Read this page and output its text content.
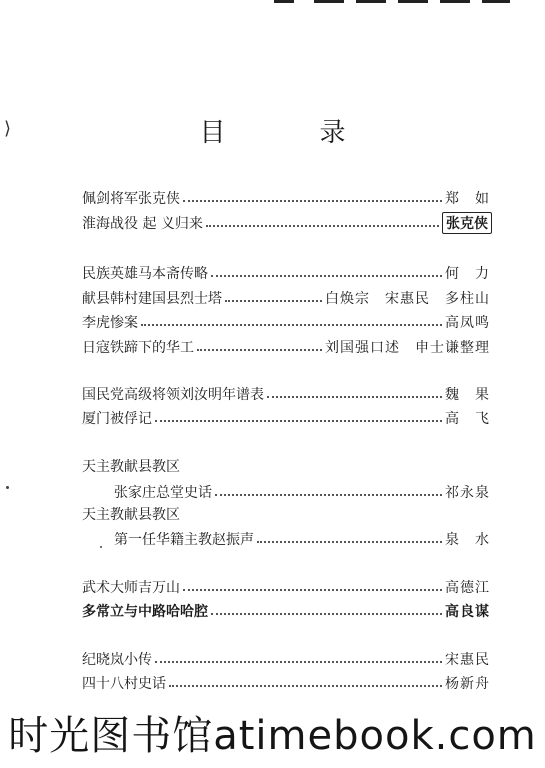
⟩	目　录
佩剑将军张克侠	郑　如
淮海战役 起 义归来	张克侠
民族英雄马本斋传略	何　力
献县韩村建国县烈士塔	白焕宗　宋惠民　多柱山
李虎惨案	高凤鸣
日寇铁蹄下的华工	刘国强口述　申士谦整理
国民党高级将领刘汝明年谱表	魏　果
厦门被俘记	高　飞
天主教献县教区
张家庄总堂史话	祁永泉
天主教献县教区
第一任华籍主教赵振声	泉　水
武术大师吉万山	高德江
多常立与中路哈哈腔	高良谋
纪晓岚小传	宋惠民
四十八村史话	杨新舟
时光图书馆atimebook.com
